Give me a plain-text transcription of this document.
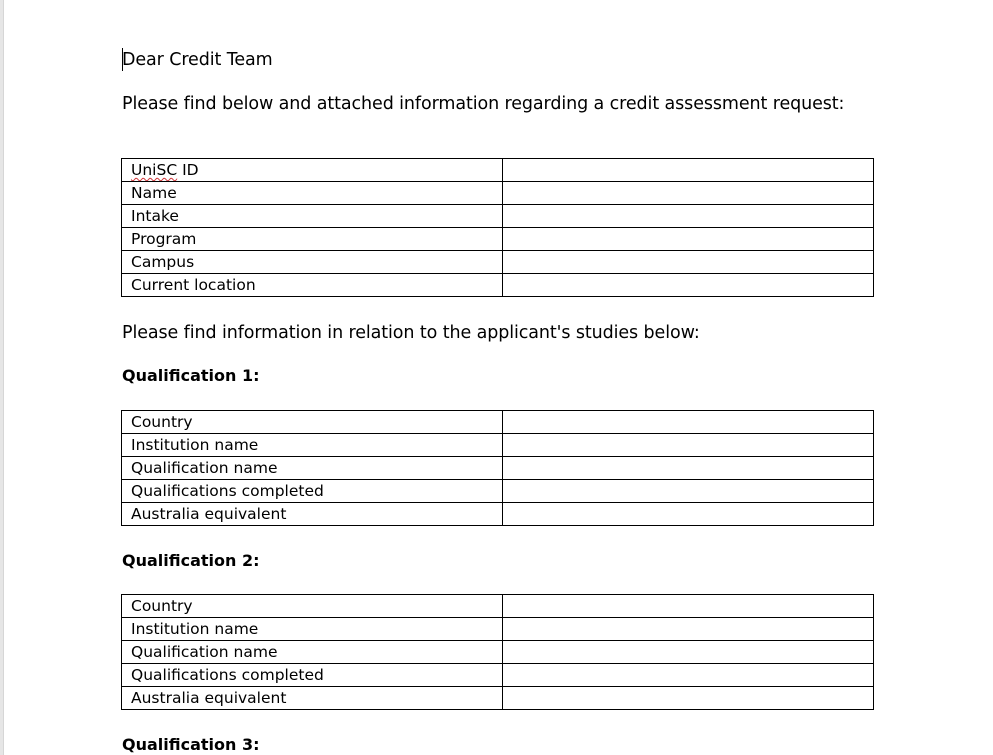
Dear Credit Team
Please find below and attached information regarding a credit assessment request:
UniSC ID	
Name	
Intake	
Program	
Campus	
Current location	
Please find information in relation to the applicant's studies below:
Qualification 1:
Country	
Institution name	
Qualification name	
Qualifications completed	
Australia equivalent	
Qualification 2:
Country	
Institution name	
Qualification name	
Qualifications completed	
Australia equivalent	
Qualification 3:
